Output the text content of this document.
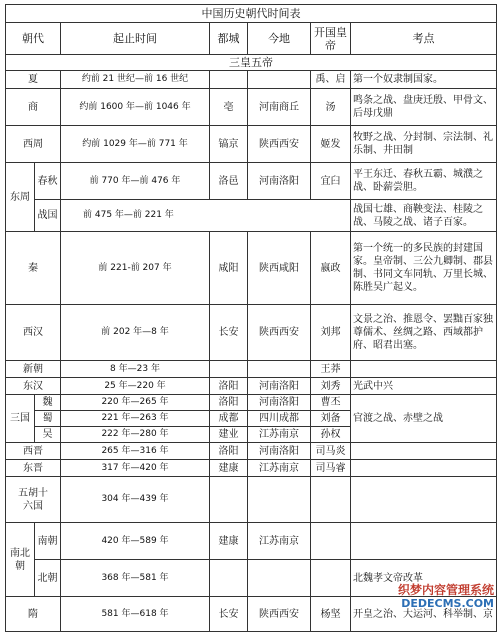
中国历史朝代时间表						
朝代		起止时间	都城	今地	开国皇帝	考点
三皇五帝						
夏		约前 21 世纪—前 16 世纪			禹、启	第一个奴隶制国家。
商		约前 1600 年—前 1046 年	亳	河南商丘	汤	鸣条之战、盘庚迁殷、甲骨文、后母戊鼎
西周		约前 1029 年—前 771 年	镐京	陕西西安	姬发	牧野之战、分封制、宗法制、礼乐制、井田制
东周	春秋	前 770 年—前 476 年	洛邑	河南洛阳	宜臼	平王东迁、春秋五霸、城濮之战、卧薪尝胆。
	战国	前 475 年—前 221 年				战国七雄、商鞅变法、桂陵之战、马陵之战、诸子百家。
秦		前 221-前 207 年	咸阳	陕西咸阳	嬴政	第一个统一的多民族的封建国家。皇帝制、三公九卿制、郡县制、书同文车同轨、万里长城、陈胜吴广起义。
西汉		前 202 年—8 年	长安	陕西西安	刘邦	文景之治、推恩令、罢黜百家独尊儒术、丝绸之路、西域都护府、昭君出塞。
新朝		8 年—23 年			王莽	
东汉		25 年—220 年	洛阳	河南洛阳	刘秀	光武中兴
三国	魏	220 年—265 年	洛阳	河南洛阳	曹丕	官渡之战、赤壁之战
	蜀	221 年—263 年	成都	四川成都	刘备	
	吴	222 年—280 年	建业	江苏南京	孙权	
西晋		265 年—316 年	洛阳	河南洛阳	司马炎	
东晋		317 年—420 年	建康	江苏南京	司马睿	
五胡十六国		304 年—439 年				
南北朝	南朝	420 年—589 年	建康	江苏南京		
	北朝	368 年—581 年				北魏孝文帝改革
隋		581 年—618 年	长安	陕西西安	杨坚	开皇之治、大运河、科举制、京
织梦内容管理系统
DEDECMS.COM
